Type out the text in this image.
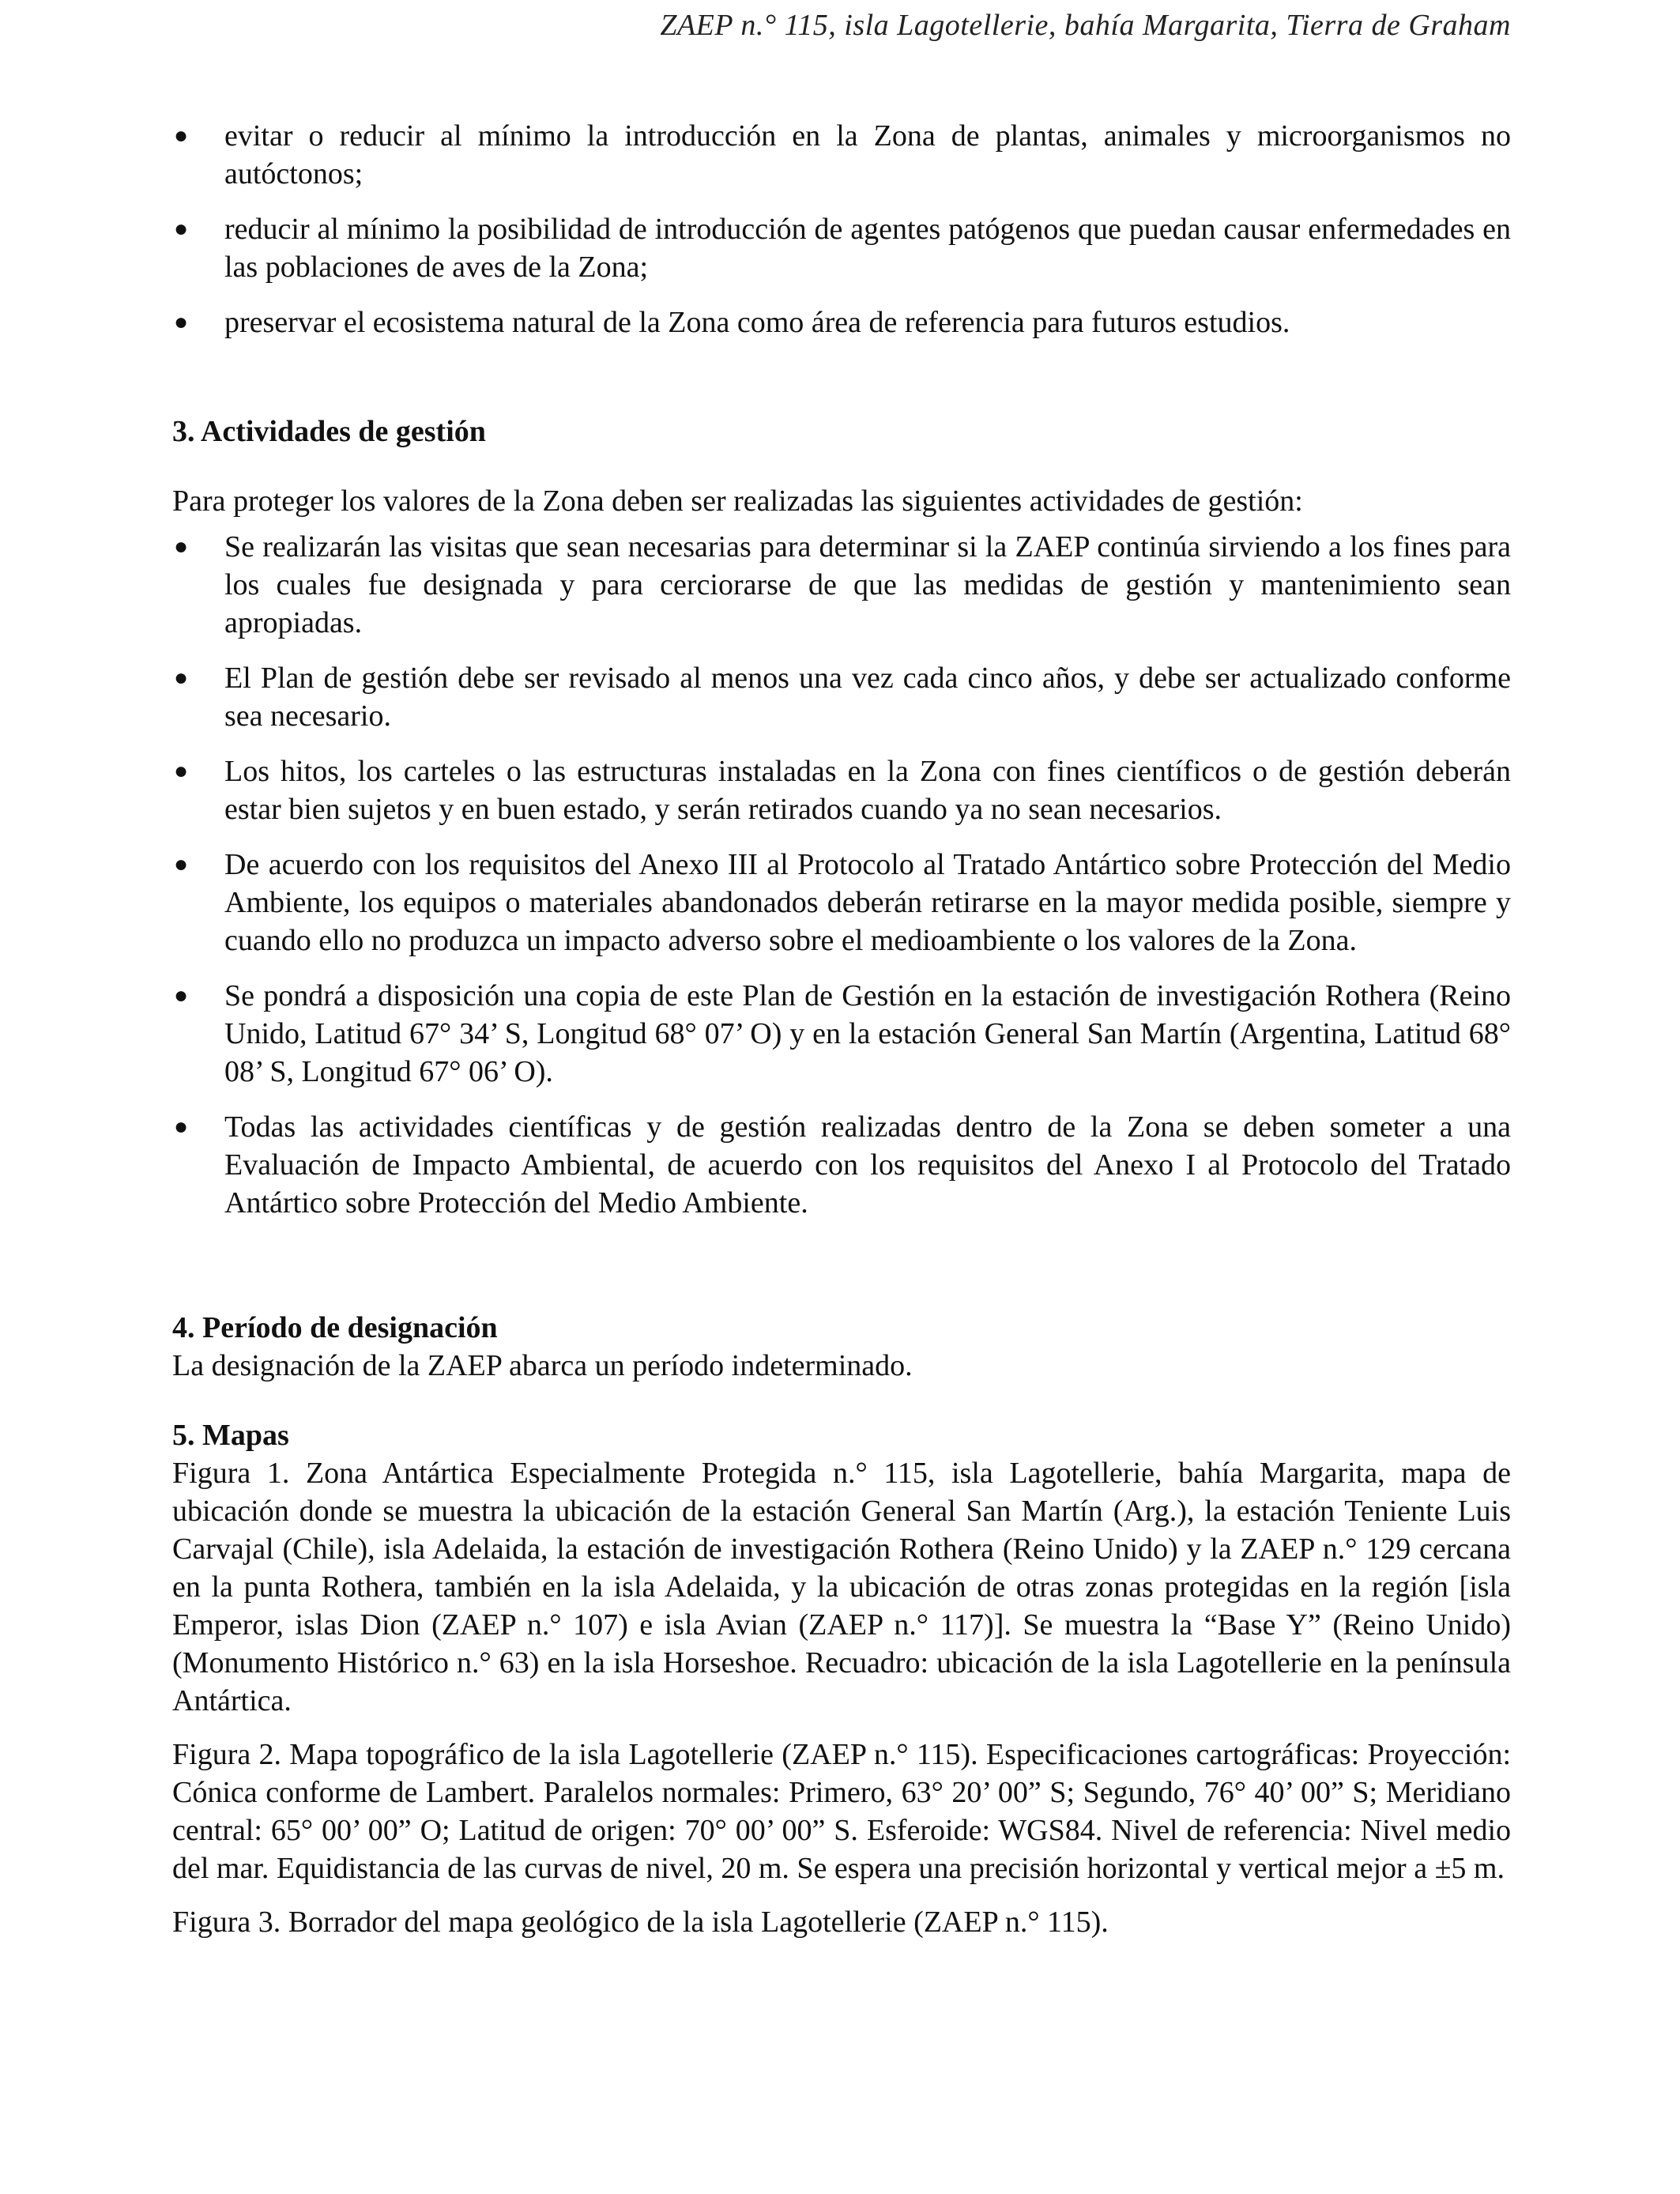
ZAEP n.° 115, isla Lagotellerie, bahía Margarita, Tierra de Graham
● evitar o reducir al mínimo la introducción en la Zona de plantas, animales y microorganismos no autóctonos;
● reducir al mínimo la posibilidad de introducción de agentes patógenos que puedan causar enfermedades en las poblaciones de aves de la Zona;
● preservar el ecosistema natural de la Zona como área de referencia para futuros estudios.
3. Actividades de gestión

Para proteger los valores de la Zona deben ser realizadas las siguientes actividades de gestión:

● Se realizarán las visitas que sean necesarias para determinar si la ZAEP continúa sirviendo a los fines para los cuales fue designada y para cerciorarse de que las medidas de gestión y mantenimiento sean apropiadas.
● El Plan de gestión debe ser revisado al menos una vez cada cinco años, y debe ser actualizado conforme sea necesario.
● Los hitos, los carteles o las estructuras instaladas en la Zona con fines científicos o de gestión deberán estar bien sujetos y en buen estado, y serán retirados cuando ya no sean necesarios.
● De acuerdo con los requisitos del Anexo III al Protocolo al Tratado Antártico sobre Protección del Medio Ambiente, los equipos o materiales abandonados deberán retirarse en la mayor medida posible, siempre y cuando ello no produzca un impacto adverso sobre el medioambiente o los valores de la Zona.
● Se pondrá a disposición una copia de este Plan de Gestión en la estación de investigación Rothera (Reino Unido, Latitud 67° 34’ S, Longitud 68° 07’ O) y en la estación General San Martín (Argentina, Latitud 68° 08’ S, Longitud 67° 06’ O).
● Todas las actividades científicas y de gestión realizadas dentro de la Zona se deben someter a una Evaluación de Impacto Ambiental, de acuerdo con los requisitos del Anexo I al Protocolo del Tratado Antártico sobre Protección del Medio Ambiente.
4. Período de designación

La designación de la ZAEP abarca un período indeterminado.

5. Mapas

Figura 1. Zona Antártica Especialmente Protegida n.° 115, isla Lagotellerie, bahía Margarita, mapa de ubicación donde se muestra la ubicación de la estación General San Martín (Arg.), la estación Teniente Luis Carvajal (Chile), isla Adelaida, la estación de investigación Rothera (Reino Unido) y la ZAEP n.° 129 cercana en la punta Rothera, también en la isla Adelaida, y la ubicación de otras zonas protegidas en la región [isla Emperor, islas Dion (ZAEP n.° 107) e isla Avian (ZAEP n.° 117)]. Se muestra la “Base Y” (Reino Unido) (Monumento Histórico n.° 63) en la isla Horseshoe. Recuadro: ubicación de la isla Lagotellerie en la península Antártica.

Figura 2. Mapa topográfico de la isla Lagotellerie (ZAEP n.° 115). Especificaciones cartográficas: Proyección: Cónica conforme de Lambert. Paralelos normales: Primero, 63° 20’ 00” S; Segundo, 76° 40’ 00” S; Meridiano central: 65° 00’ 00” O; Latitud de origen: 70° 00’ 00” S. Esferoide: WGS84. Nivel de referencia: Nivel medio del mar. Equidistancia de las curvas de nivel, 20 m. Se espera una precisión horizontal y vertical mejor a ±5 m.

Figura 3. Borrador del mapa geológico de la isla Lagotellerie (ZAEP n.° 115).
